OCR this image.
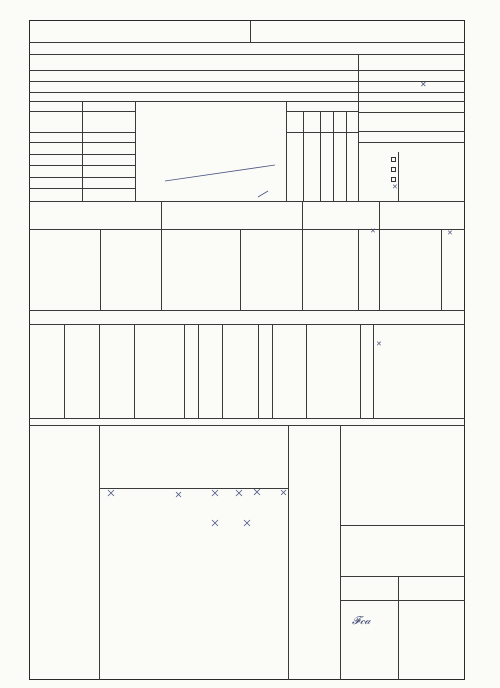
✕
✕
✕	✕
✕
𝓕𝒸𝒶
